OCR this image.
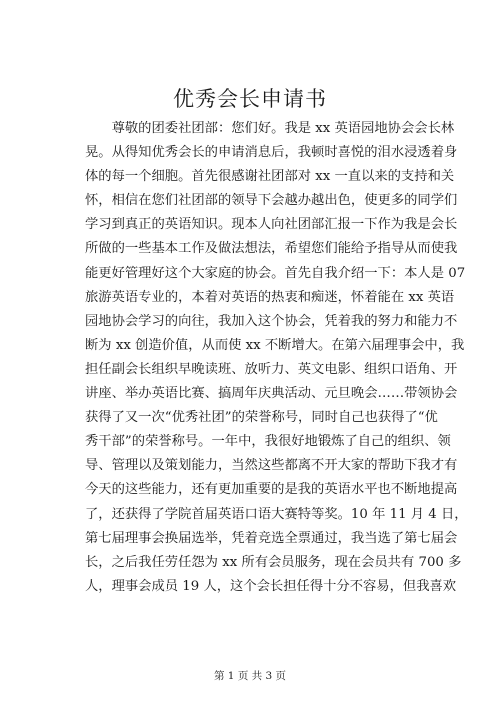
优秀会长申请书
　　尊敬的团委社团部：您们好。我是 xx 英语园地协会会长林
晃。从得知优秀会长的申请消息后，我顿时喜悦的泪水浸透着身
体的每一个细胞。首先很感谢社团部对 xx 一直以来的支持和关
怀，相信在您们社团部的领导下会越办越出色，使更多的同学们
学习到真正的英语知识。现本人向社团部汇报一下作为我是会长
所做的一些基本工作及做法想法，希望您们能给予指导从而使我
能更好管理好这个大家庭的协会。首先自我介绍一下：本人是 07
旅游英语专业的，本着对英语的热衷和痴迷，怀着能在 xx 英语
园地协会学习的向往，我加入这个协会，凭着我的努力和能力不
断为 xx 创造价值，从而使 xx 不断增大。在第六届理事会中，我
担任副会长组织早晚读班、放听力、英文电影、组织口语角、开
讲座、举办英语比赛、搞周年庆典活动、元旦晚会……带领协会
获得了又一次“优秀社团”的荣誉称号，同时自己也获得了“优
秀干部”的荣誉称号。一年中，我很好地锻炼了自己的组织、领
导、管理以及策划能力，当然这些都离不开大家的帮助下我才有
今天的这些能力，还有更加重要的是我的英语水平也不断地提高
了，还获得了学院首届英语口语大赛特等奖。10 年 11 月 4 日，
第七届理事会换届选举，凭着竞选全票通过，我当选了第七届会
长，之后我任劳任怨为 xx 所有会员服务，现在会员共有 700 多
人，理事会成员 19 人，这个会长担任得十分不容易，但我喜欢
第 1 页 共 3 页
